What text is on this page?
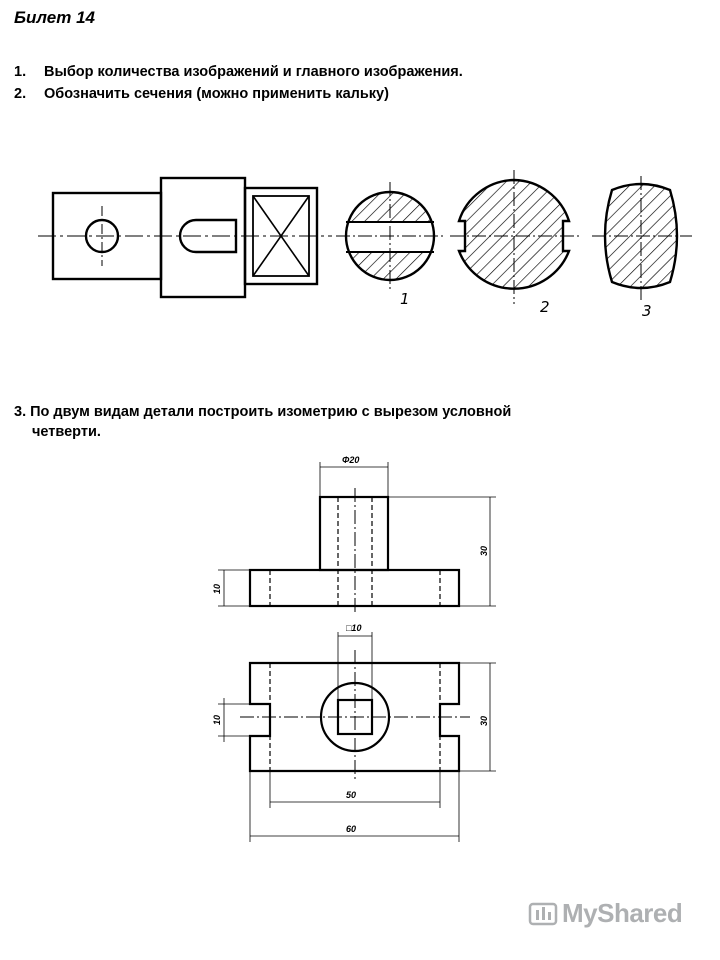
Билет 14
1. Выбор количества изображений и главного изображения.
2. Обозначить сечения (можно применить кальку)
3. По двум видам детали построить изометрию с вырезом условной
четверти.
1	2	3
Φ20
30
10
□10
30
10
50
60
MyShared
